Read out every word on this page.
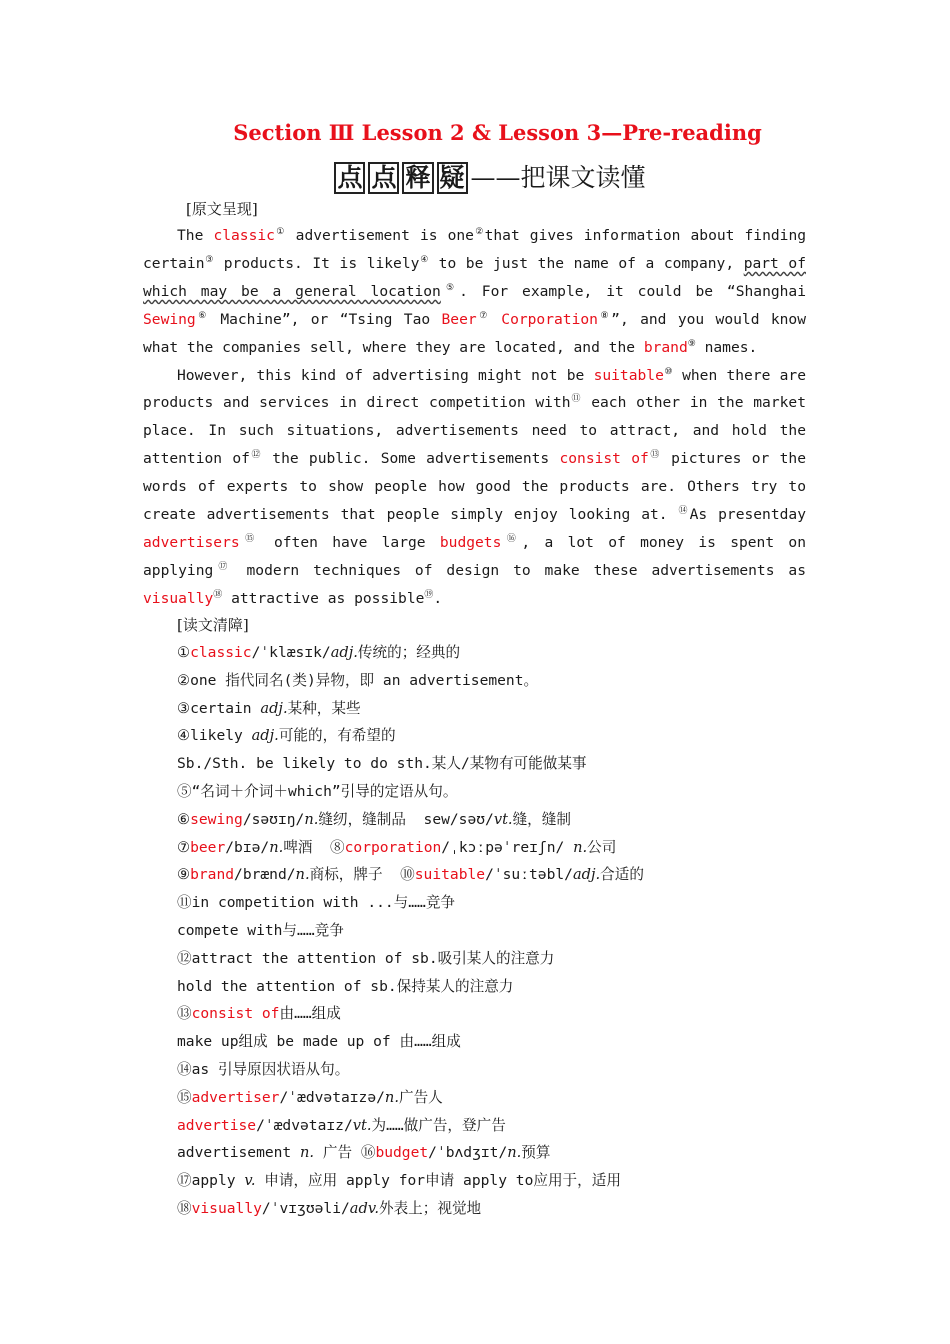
Section Ⅲ Lesson 2 & Lesson 3—Pre-reading
点 点 释 疑 ——把课文读懂
[原文呈现]

The classic① advertisement is one②that gives information about finding certain③ products. It is likely④ to be just the name of a company, part of which may be a general location⑤. For example, it could be “Shanghai Sewing⑥ Machine”, or “Tsing Tao Beer⑦ Corporation⑧”, and you would know what the companies sell, where they are located, and the brand⑨ names.

However, this kind of advertising might not be suitable⑩ when there are products and services in direct competition with⑪ each other in the market place. In such situations, advertisements need to attract, and hold the attention of⑫ the public. Some advertisements consist of⑬ pictures or the words of experts to show people how good the products are. Others try to create advertisements that people simply enjoy looking at. ⑭As presentday advertisers⑮ often have large budgets⑯, a lot of money is spent on applying⑰ modern techniques of design to make these advertisements as visually⑱ attractive as possible⑲.

[读文清障]
①classic/ˈklæsɪk/adj.传统的；经典的
②one 指代同名(类)异物，即 an advertisement。
③certain adj.某种，某些
④likely adj.可能的，有希望的
Sb./Sth. be likely to do sth.某人/某物有可能做某事
⑤“名词＋介词＋which”引导的定语从句。
⑥sewing/səʊɪŋ/n.缝纫，缝制品 sew/səʊ/vt.缝，缝制
⑦beer/bɪə/n.啤酒 ⑧corporation/ˌkɔːpəˈreɪʃn/ n.公司
⑨brand/brænd/n.商标，牌子 ⑩suitable/ˈsuːtəbl/adj.合适的
⑪in competition with ...与……竞争
compete with与……竞争
⑫attract the attention of sb.吸引某人的注意力
hold the attention of sb.保持某人的注意力
⑬consist of由……组成
make up组成 be made up of 由……组成
⑭as 引导原因状语从句。
⑮advertiser/ˈædvətaɪzə/n.广告人
advertise/ˈædvətaɪz/vt.为……做广告，登广告
advertisement n. 广告 ⑯budget/ˈbʌdʒɪt/n.预算
⑰apply v. 申请，应用 apply for申请 apply to应用于，适用
⑱visually/ˈvɪʒʊəli/adv.外表上；视觉地
